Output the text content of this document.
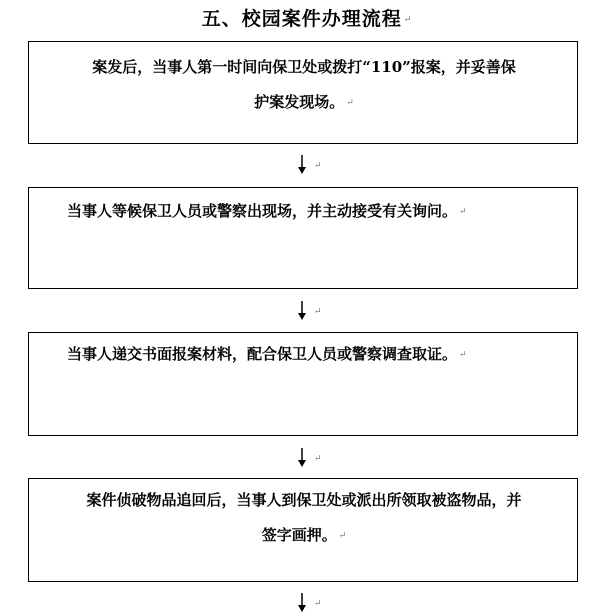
五、校园案件办理流程 ↵

案发后，当事人第一时间向保卫处或拨打“110”报案，并妥善保

护案发现场。 ↵

↵

当事人等候保卫人员或警察出现场，并主动接受有关询问。 ↵

↵

当事人递交书面报案材料，配合保卫人员或警察调查取证。 ↵

↵

案件侦破物品追回后，当事人到保卫处或派出所领取被盗物品，并

签字画押。 ↵

↵
